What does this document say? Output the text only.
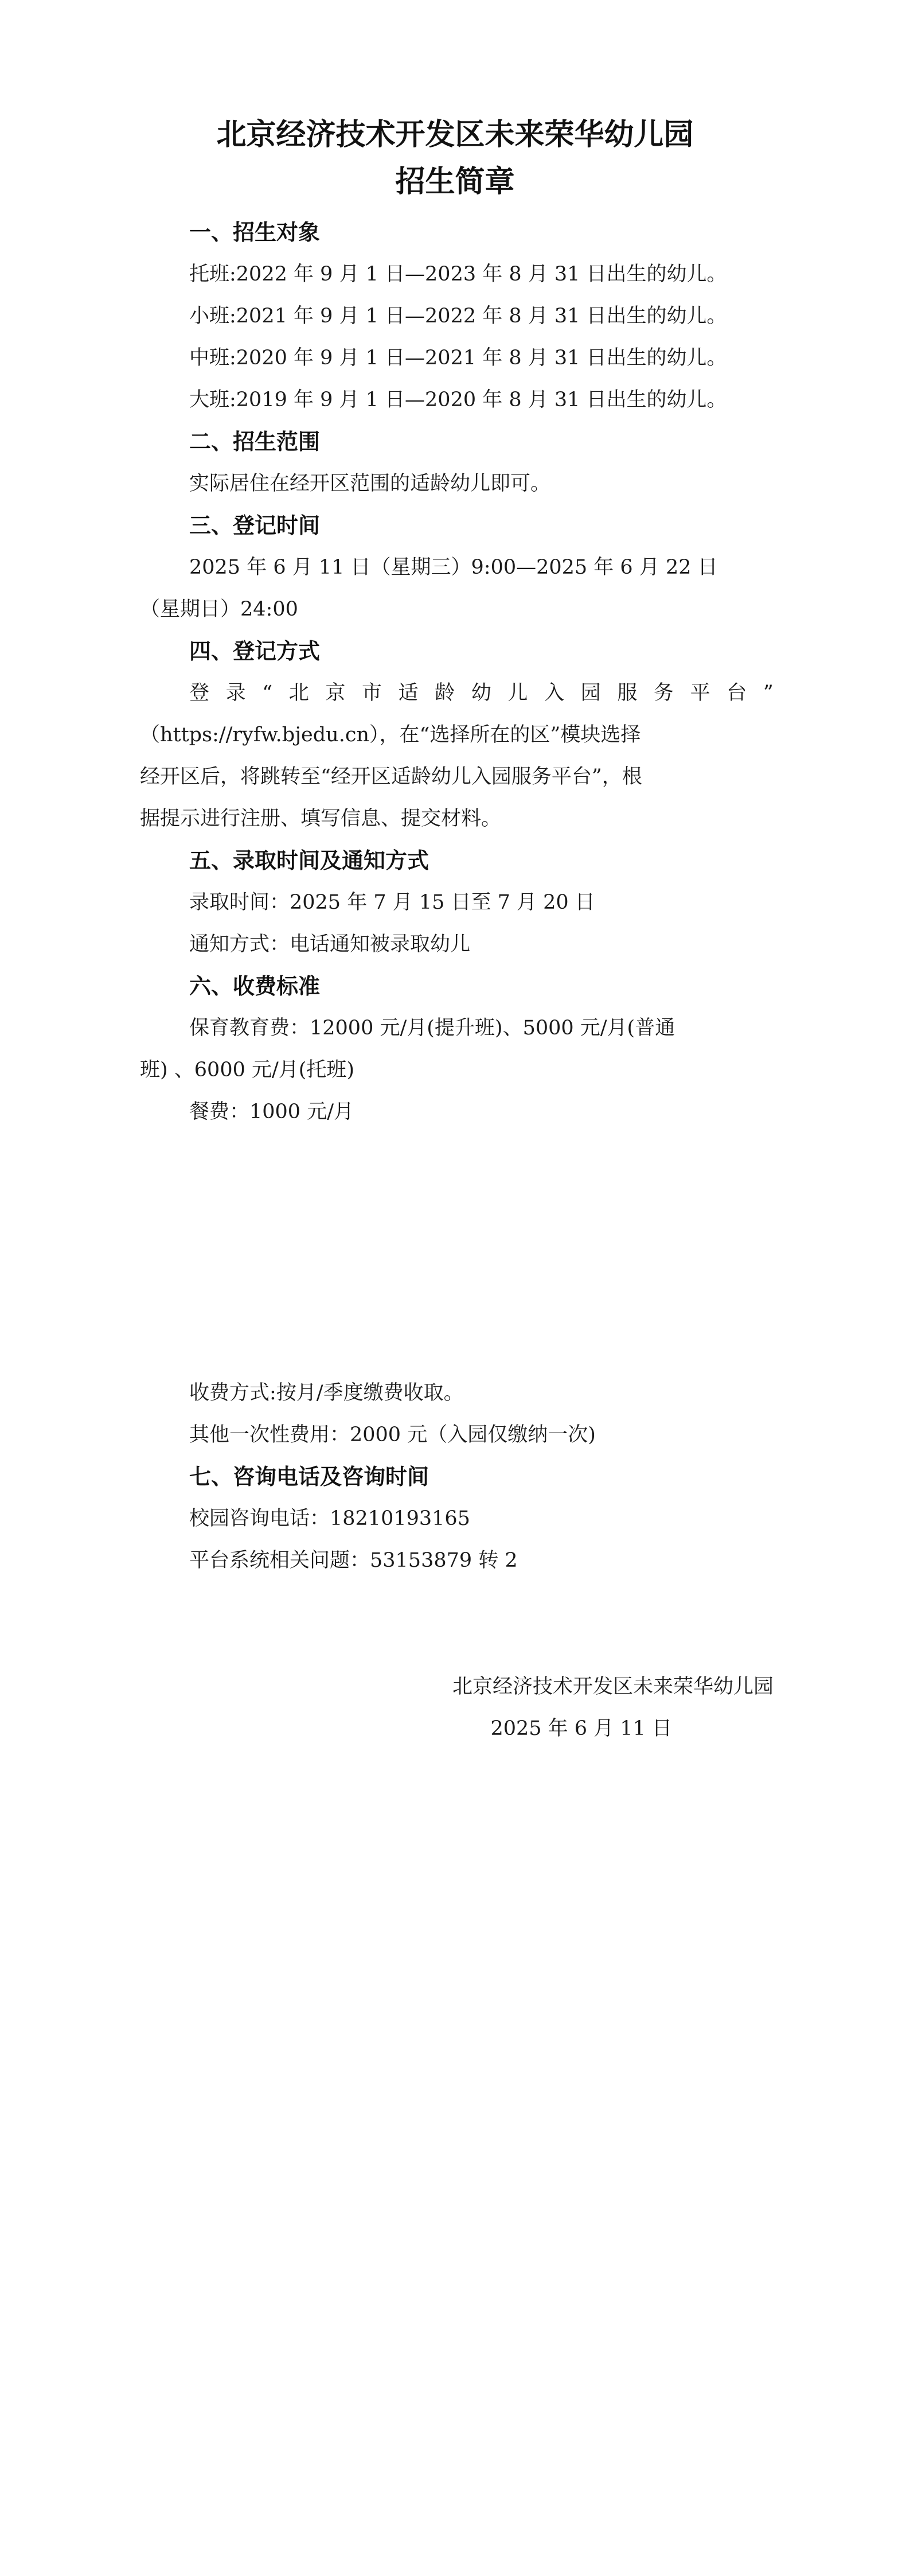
北京经济技术开发区未来荣华幼儿园
招生简章
一、招生对象
托班:2022 年 9 月 1 日—2023 年 8 月 31 日出生的幼儿。
小班:2021 年 9 月 1 日—2022 年 8 月 31 日出生的幼儿。
中班:2020 年 9 月 1 日—2021 年 8 月 31 日出生的幼儿。
大班:2019 年 9 月 1 日—2020 年 8 月 31 日出生的幼儿。
二、招生范围
实际居住在经开区范围的适龄幼儿即可。
三、登记时间
2025 年 6 月 11 日（星期三）9:00—2025 年 6 月 22 日
（星期日）24:00
四、登记方式
登 录 “ 北 京 市 适 龄 幼 儿 入 园 服 务 平 台 ”
（https://ryfw.bjedu.cn），在“选择所在的区”模块选择
经开区后，将跳转至“经开区适龄幼儿入园服务平台”，根
据提示进行注册、填写信息、提交材料。
五、录取时间及通知方式
录取时间：2025 年 7 月 15 日至 7 月 20 日
通知方式：电话通知被录取幼儿
六、收费标准
保育教育费：12000 元/月(提升班)、5000 元/月(普通
班) 、6000 元/月(托班)
餐费：1000 元/月
收费方式:按月/季度缴费收取。
其他一次性费用：2000 元（入园仅缴纳一次)
七、咨询电话及咨询时间
校园咨询电话：18210193165
平台系统相关问题：53153879 转 2
北京经济技术开发区未来荣华幼儿园
2025 年 6 月 11 日
